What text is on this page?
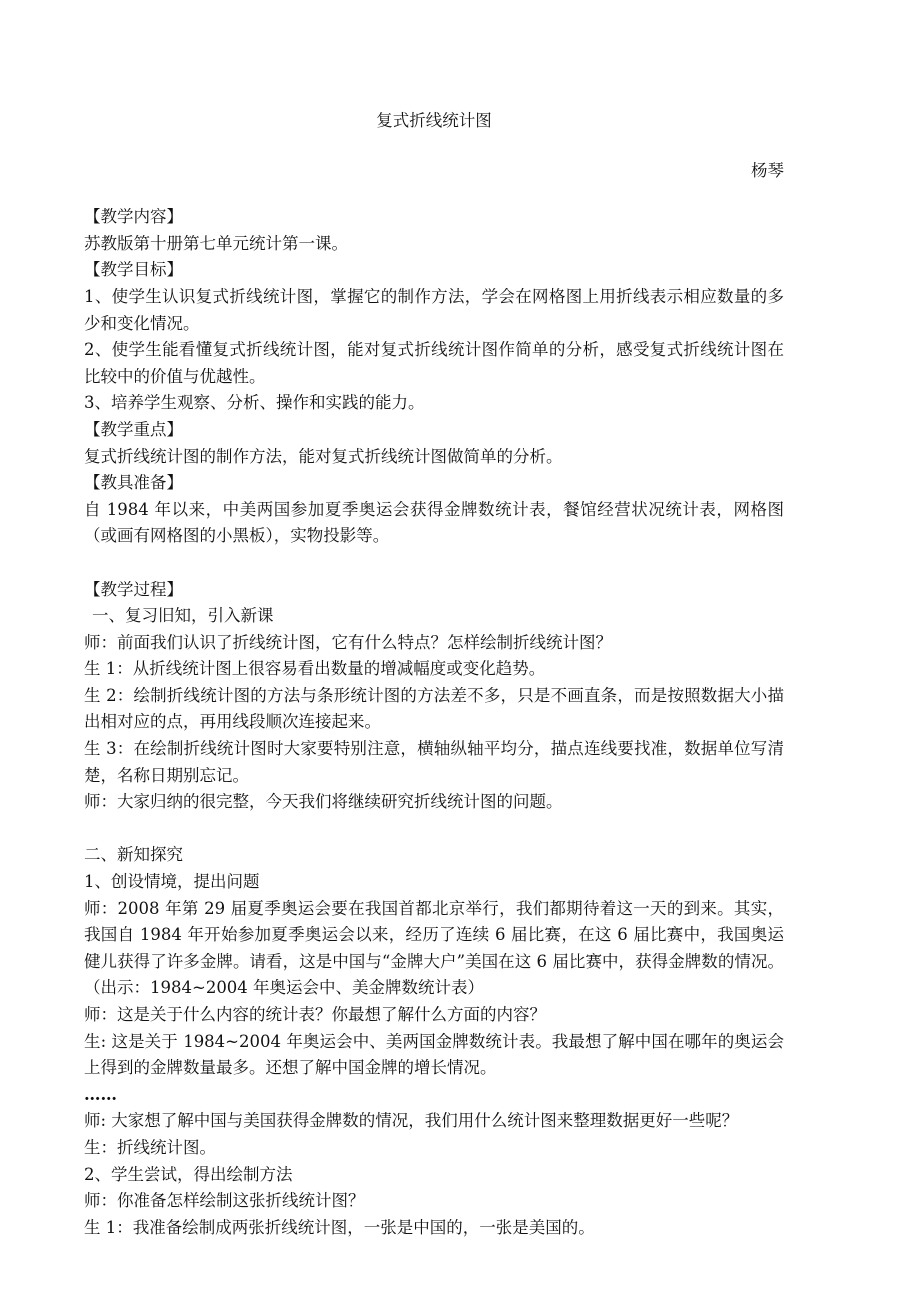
复式折线统计图
杨琴
【教学内容】
苏教版第十册第七单元统计第一课。
【教学目标】
1、使学生认识复式折线统计图，掌握它的制作方法，学会在网格图上用折线表示相应数量的多少和变化情况。
2、使学生能看懂复式折线统计图，能对复式折线统计图作简单的分析，感受复式折线统计图在比较中的价值与优越性。
3、培养学生观察、分析、操作和实践的能力。
【教学重点】
复式折线统计图的制作方法，能对复式折线统计图做简单的分析。
【教具准备】
自 1984 年以来，中美两国参加夏季奥运会获得金牌数统计表，餐馆经营状况统计表，网格图（或画有网格图的小黑板），实物投影等。
【教学过程】
一、复习旧知，引入新课
师：前面我们认识了折线统计图，它有什么特点？怎样绘制折线统计图？
生 1：从折线统计图上很容易看出数量的增减幅度或变化趋势。
生 2：绘制折线统计图的方法与条形统计图的方法差不多，只是不画直条，而是按照数据大小描出相对应的点，再用线段顺次连接起来。
生 3：在绘制折线统计图时大家要特别注意，横轴纵轴平均分，描点连线要找准，数据单位写清楚，名称日期别忘记。
师：大家归纳的很完整，今天我们将继续研究折线统计图的问题。
二、新知探究
1、创设情境，提出问题
师：2008 年第 29 届夏季奥运会要在我国首都北京举行，我们都期待着这一天的到来。其实，我国自 1984 年开始参加夏季奥运会以来，经历了连续 6 届比赛，在这 6 届比赛中，我国奥运健儿获得了许多金牌。请看，这是中国与“金牌大户”美国在这 6 届比赛中，获得金牌数的情况。（出示：1984~2004 年奥运会中、美金牌数统计表）
师：这是关于什么内容的统计表？你最想了解什么方面的内容？
生: 这是关于 1984~2004 年奥运会中、美两国金牌数统计表。我最想了解中国在哪年的奥运会上得到的金牌数量最多。还想了解中国金牌的增长情况。
……
师: 大家想了解中国与美国获得金牌数的情况，我们用什么统计图来整理数据更好一些呢？
生：折线统计图。
2、学生尝试，得出绘制方法
师：你准备怎样绘制这张折线统计图？
生 1：我准备绘制成两张折线统计图，一张是中国的，一张是美国的。
